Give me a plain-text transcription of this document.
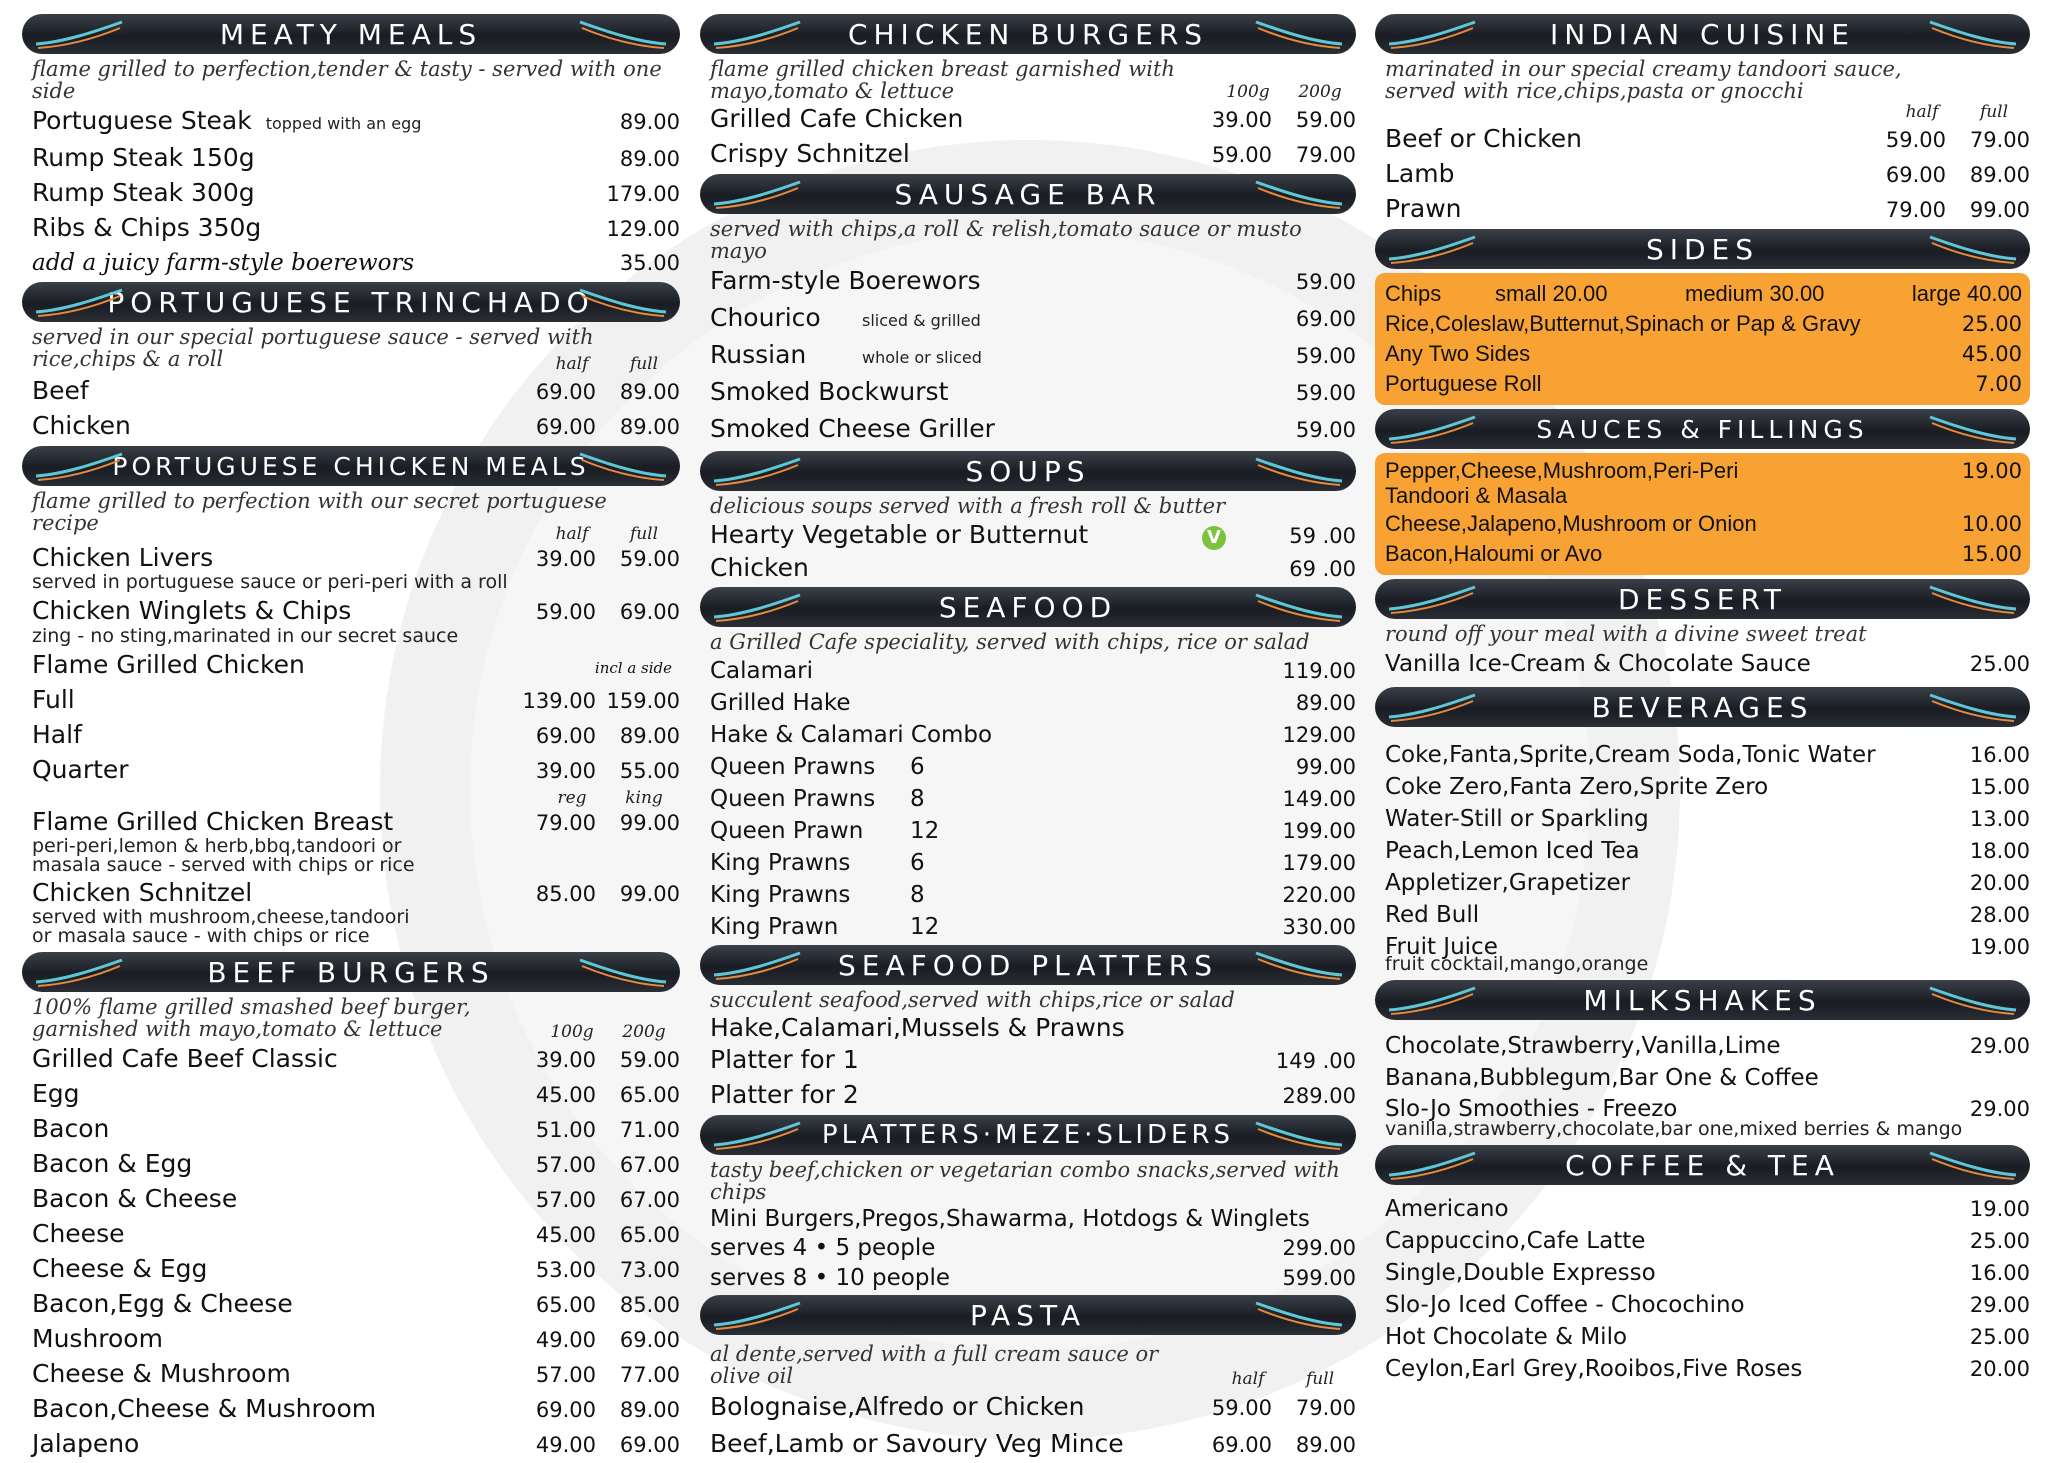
MEATY MEALS
flame grilled to perfection,tender & tasty - served with one side
Portuguese Steak topped with an egg	89.00
Rump Steak 150g	89.00
Rump Steak 300g	179.00
Ribs & Chips 350g	129.00
add a juicy farm-style boerewors	35.00
PORTUGUESE TRINCHADO
served in our special portuguese sauce - served with
rice,chips & a roll	half	full
Beef	69.00	89.00
Chicken	69.00	89.00
PORTUGUESE CHICKEN MEALS
flame grilled to perfection with our secret portuguese recipe	half	full
Chicken Livers	39.00	59.00
served in portuguese sauce or peri-peri with a roll
Chicken Winglets & Chips	59.00	69.00
zing - no sting,marinated in our secret sauce
Flame Grilled Chicken	incl a side
Full	139.00 159.00
Half	69.00	89.00
Quarter	39.00	55.00
reg	king
Flame Grilled Chicken Breast	79.00	99.00
peri-peri,lemon & herb,bbq,tandoori or
masala sauce - served with chips or rice
Chicken Schnitzel	85.00	99.00
served with mushroom,cheese,tandoori
or masala sauce - with chips or rice
BEEF BURGERS
100% flame grilled smashed beef burger,
garnished with mayo,tomato & lettuce	100g	200g
Grilled Cafe Beef Classic	39.00	59.00
Egg	45.00	65.00
Bacon	51.00	71.00
Bacon & Egg	57.00	67.00
Bacon & Cheese	57.00	67.00
Cheese	45.00	65.00
Cheese & Egg	53.00	73.00
Bacon,Egg & Cheese	65.00	85.00
Mushroom	49.00	69.00
Cheese & Mushroom	57.00	77.00
Bacon,Cheese & Mushroom	69.00	89.00
Jalapeno	49.00	69.00
CHICKEN BURGERS
flame grilled chicken breast garnished with
mayo,tomato & lettuce	100g	200g
Grilled Cafe Chicken	39.00	59.00
Crispy Schnitzel	59.00	79.00
SAUSAGE BAR
served with chips,a roll & relish,tomato sauce or musto mayo
Farm-style Boerewors	59.00
Chourico	sliced & grilled	69.00
Russian	whole or sliced	59.00
Smoked Bockwurst	59.00
Smoked Cheese Griller	59.00
SOUPS
delicious soups served with a fresh roll & butter
Hearty Vegetable or Butternut	V	59 .00
Chicken	69 .00
SEAFOOD
a Grilled Cafe speciality, served with chips, rice or salad
Calamari	119.00
Grilled Hake	89.00
Hake & Calamari Combo	129.00
Queen Prawns 6	99.00
Queen Prawns 8	149.00
Queen Prawn 12	199.00
King Prawns	6	179.00
King Prawns	8	220.00
King Prawn	12	330.00
SEAFOOD PLATTERS
succulent seafood,served with chips,rice or salad
Hake,Calamari,Mussels & Prawns
Platter for 1	149 .00
Platter for 2	289.00
PLATTERS·MEZE·SLIDERS
tasty beef,chicken or vegetarian combo snacks,served with chips
Mini Burgers,Pregos,Shawarma, Hotdogs & Winglets
serves 4 • 5 people	299.00
serves 8 • 10 people	599.00
PASTA
al dente,served with a full cream sauce or olive oil	half	full
Bolognaise,Alfredo or Chicken	59.00	79.00
Beef,Lamb or Savoury Veg Mince	69.00	89.00
INDIAN CUISINE
marinated in our special creamy tandoori sauce,
served with rice,chips,pasta or gnocchi
half	full
Beef or Chicken	59.00	79.00
Lamb	69.00	89.00
Prawn	79.00	99.00
SIDES
Chips	small 20.00	medium 30.00	large 40.00
Rice,Coleslaw,Butternut,Spinach or Pap & Gravy	25.00
Any Two Sides	45.00
Portuguese Roll	7.00
SAUCES & FILLINGS
Pepper,Cheese,Mushroom,Peri-Peri	19.00
Tandoori & Masala
Cheese,Jalapeno,Mushroom or Onion	10.00
Bacon,Haloumi or Avo	15.00
DESSERT
round off your meal with a divine sweet treat
Vanilla Ice-Cream & Chocolate Sauce	25.00
BEVERAGES
Coke,Fanta,Sprite,Cream Soda,Tonic Water	16.00
Coke Zero,Fanta Zero,Sprite Zero	15.00
Water-Still or Sparkling	13.00
Peach,Lemon Iced Tea	18.00
Appletizer,Grapetizer	20.00
Red Bull	28.00
Fruit Juice	19.00
fruit cocktail,mango,orange
MILKSHAKES
Chocolate,Strawberry,Vanilla,Lime	29.00
Banana,Bubblegum,Bar One & Coffee
Slo-Jo Smoothies - Freezo	29.00
vanilla,strawberry,chocolate,bar one,mixed berries & mango
COFFEE & TEA
Americano	19.00
Cappuccino,Cafe Latte	25.00
Single,Double Expresso	16.00
Slo-Jo Iced Coffee - Chocochino	29.00
Hot Chocolate & Milo	25.00
Ceylon,Earl Grey,Rooibos,Five Roses	20.00
